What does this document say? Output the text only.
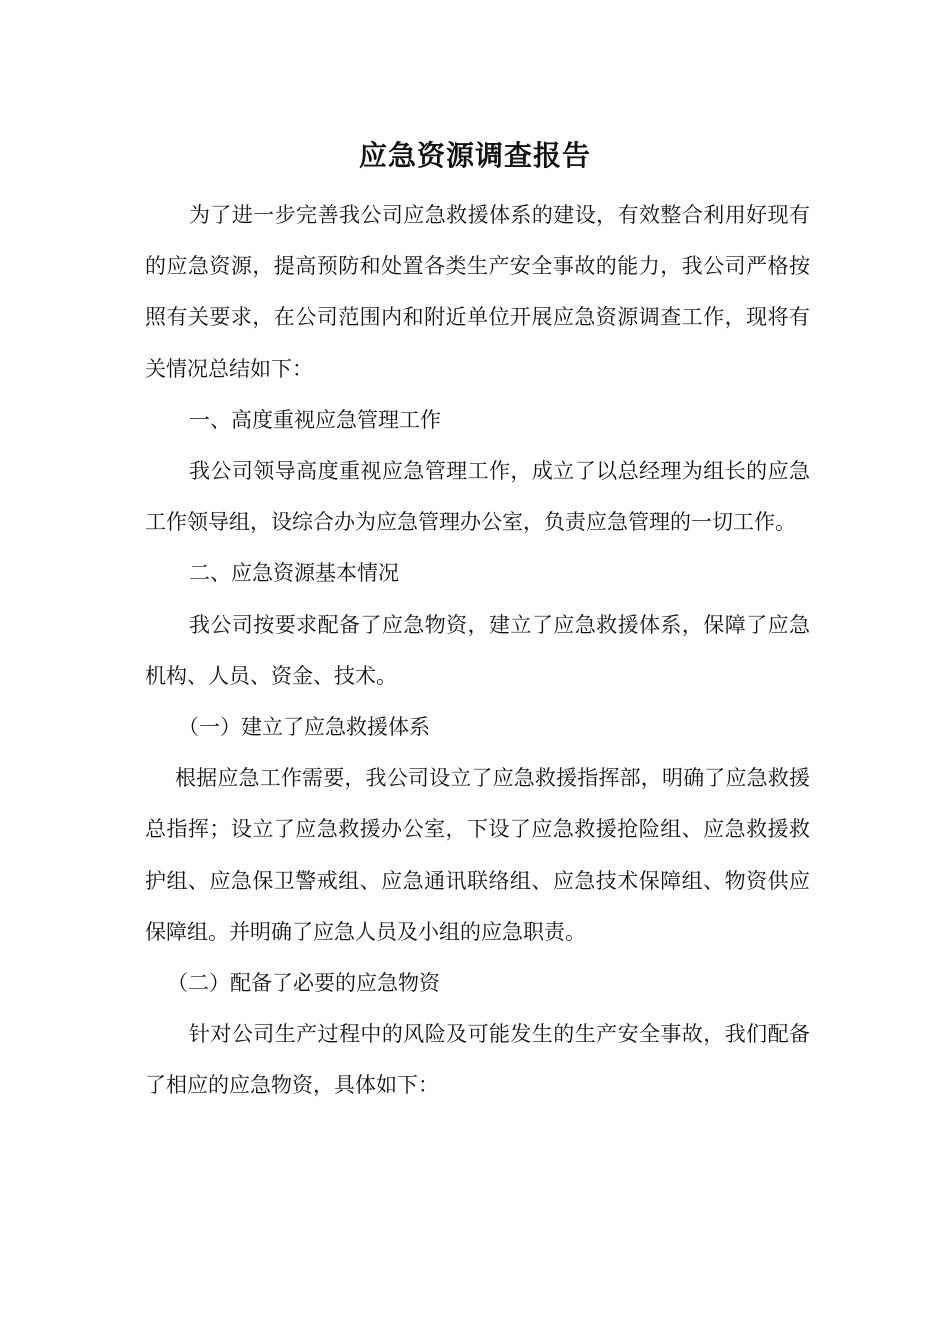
应急资源调查报告

为了进一步完善我公司应急救援体系的建设，有效整合利用好现有的应急资源，提高预防和处置各类生产安全事故的能力，我公司严格按照有关要求，在公司范围内和附近单位开展应急资源调查工作，现将有关情况总结如下：

一、高度重视应急管理工作

我公司领导高度重视应急管理工作，成立了以总经理为组长的应急工作领导组，设综合办为应急管理办公室，负责应急管理的一切工作。

二、应急资源基本情况

我公司按要求配备了应急物资，建立了应急救援体系，保障了应急机构、人员、资金、技术。

（一）建立了应急救援体系

根据应急工作需要，我公司设立了应急救援指挥部，明确了应急救援总指挥；设立了应急救援办公室，下设了应急救援抢险组、应急救援救护组、应急保卫警戒组、应急通讯联络组、应急技术保障组、物资供应保障组。并明确了应急人员及小组的应急职责。

（二）配备了必要的应急物资

针对公司生产过程中的风险及可能发生的生产安全事故，我们配备了相应的应急物资，具体如下：
